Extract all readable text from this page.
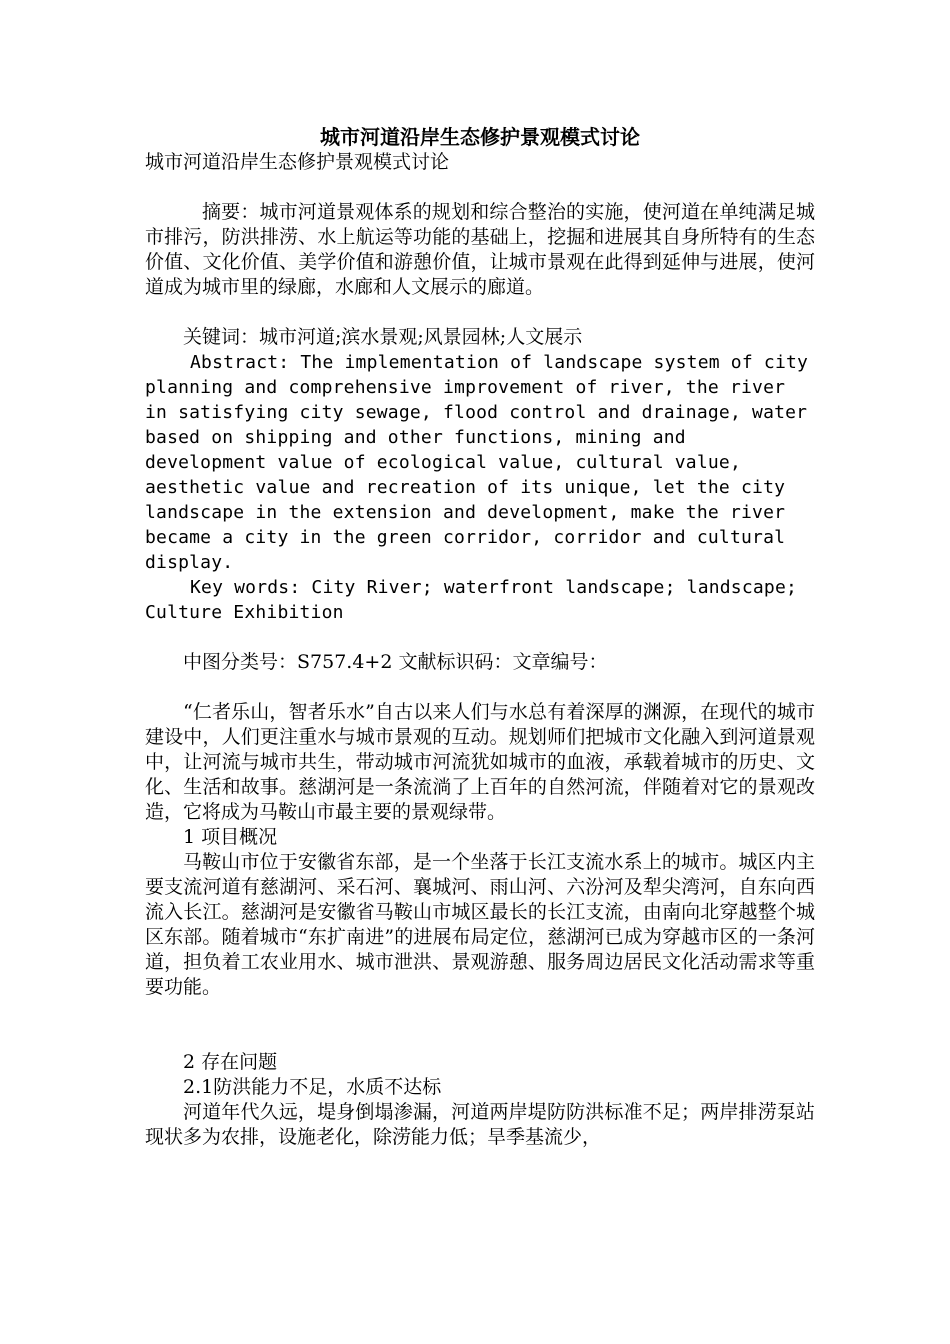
城市河道沿岸生态修护景观模式讨论

城市河道沿岸生态修护景观模式讨论

摘要：城市河道景观体系的规划和综合整治的实施，使河道在单纯满足城市排污，防洪排涝、水上航运等功能的基础上，挖掘和进展其自身所特有的生态价值、文化价值、美学价值和游憩价值，让城市景观在此得到延伸与进展，使河道成为城市里的绿廊，水廊和人文展示的廊道。

关键词：城市河道;滨水景观;风景园林;人文展示

Abstract: The implementation of landscape system of city planning and comprehensive improvement of river, the river in satisfying city sewage, flood control and drainage, water based on shipping and other functions, mining and development value of ecological value, cultural value, aesthetic value and recreation of its unique, let the city landscape in the extension and development, make the river became a city in the green corridor, corridor and cultural display.

Key words: City River; waterfront landscape; landscape; Culture Exhibition

中图分类号：S757.4+2 文献标识码：文章编号：

“仁者乐山，智者乐水”自古以来人们与水总有着深厚的渊源，在现代的城市建设中，人们更注重水与城市景观的互动。规划师们把城市文化融入到河道景观中，让河流与城市共生，带动城市河流犹如城市的血液，承载着城市的历史、文化、生活和故事。慈湖河是一条流淌了上百年的自然河流，伴随着对它的景观改造，它将成为马鞍山市最主要的景观绿带。

1 项目概况

马鞍山市位于安徽省东部，是一个坐落于长江支流水系上的城市。城区内主要支流河道有慈湖河、采石河、襄城河、雨山河、六汾河及犁尖湾河，自东向西流入长江。慈湖河是安徽省马鞍山市城区最长的长江支流，由南向北穿越整个城区东部。随着城市“东扩南进”的进展布局定位，慈湖河已成为穿越市区的一条河道，担负着工农业用水、城市泄洪、景观游憩、服务周边居民文化活动需求等重要功能。

2 存在问题

2.1防洪能力不足，水质不达标

河道年代久远，堤身倒塌渗漏，河道两岸堤防防洪标准不足；两岸排涝泵站现状多为农排，设施老化，除涝能力低；旱季基流少，
